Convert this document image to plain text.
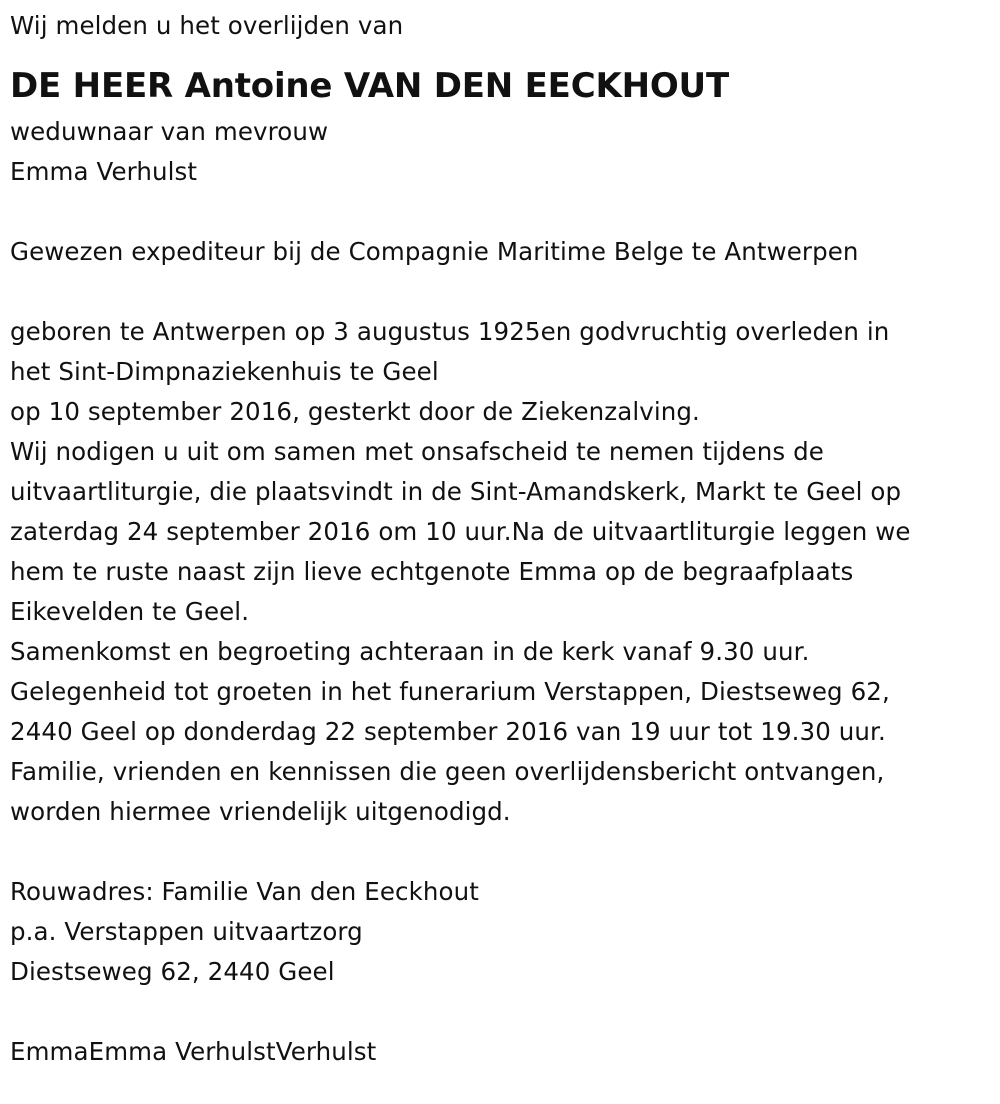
Wij melden u het overlijden van
DE HEER Antoine VAN DEN EECKHOUT
weduwnaar van mevrouw
Emma Verhulst
Gewezen expediteur bij de Compagnie Maritime Belge te Antwerpen
geboren te Antwerpen op 3 augustus 1925en godvruchtig overleden in
het Sint-Dimpnaziekenhuis te Geel
op 10 september 2016, gesterkt door de Ziekenzalving.
Wij nodigen u uit om samen met onsafscheid te nemen tijdens de
uitvaartliturgie, die plaatsvindt in de Sint-Amandskerk, Markt te Geel op
zaterdag 24 september 2016 om 10 uur.Na de uitvaartliturgie leggen we
hem te ruste naast zijn lieve echtgenote Emma op de begraafplaats
Eikevelden te Geel.
Samenkomst en begroeting achteraan in de kerk vanaf 9.30 uur.
Gelegenheid tot groeten in het funerarium Verstappen, Diestseweg 62,
2440 Geel op donderdag 22 september 2016 van 19 uur tot 19.30 uur.
Familie, vrienden en kennissen die geen overlijdensbericht ontvangen,
worden hiermee vriendelijk uitgenodigd.
Rouwadres: Familie Van den Eeckhout
p.a. Verstappen uitvaartzorg
Diestseweg 62, 2440 Geel
EmmaEmma VerhulstVerhulst
